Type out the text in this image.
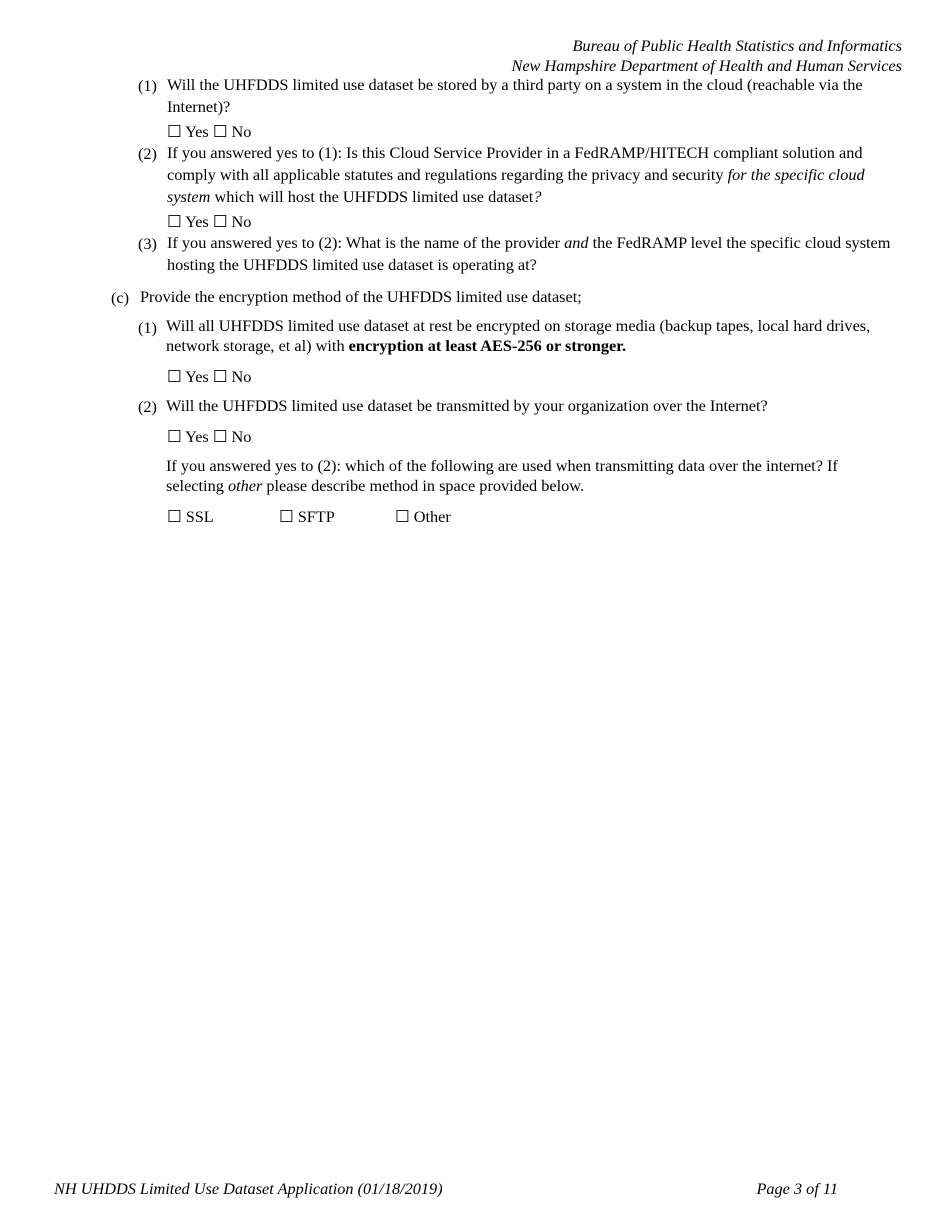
Bureau of Public Health Statistics and Informatics
New Hampshire Department of Health and Human Services
(1) Will the UHFDDS limited use dataset be stored by a third party on a system in the cloud (reachable via the Internet)?
☐ Yes ☐ No
(2) If you answered yes to (1): Is this Cloud Service Provider in a FedRAMP/HITECH compliant solution and comply with all applicable statutes and regulations regarding the privacy and security for the specific cloud system which will host the UHFDDS limited use dataset?
☐ Yes ☐ No
(3) If you answered yes to (2): What is the name of the provider and the FedRAMP level the specific cloud system hosting the UHFDDS limited use dataset is operating at?
(c) Provide the encryption method of the UHFDDS limited use dataset;
(1) Will all UHFDDS limited use dataset at rest be encrypted on storage media (backup tapes, local hard drives, network storage, et al) with encryption at least AES-256 or stronger.
☐ Yes ☐ No
(2) Will the UHFDDS limited use dataset be transmitted by your organization over the Internet?
☐ Yes ☐ No
If you answered yes to (2): which of the following are used when transmitting data over the internet? If selecting other please describe method in space provided below.
☐ SSL	☐ SFTP	☐ Other
NH UHDDS Limited Use Dataset Application (01/18/2019)	Page 3 of 11
